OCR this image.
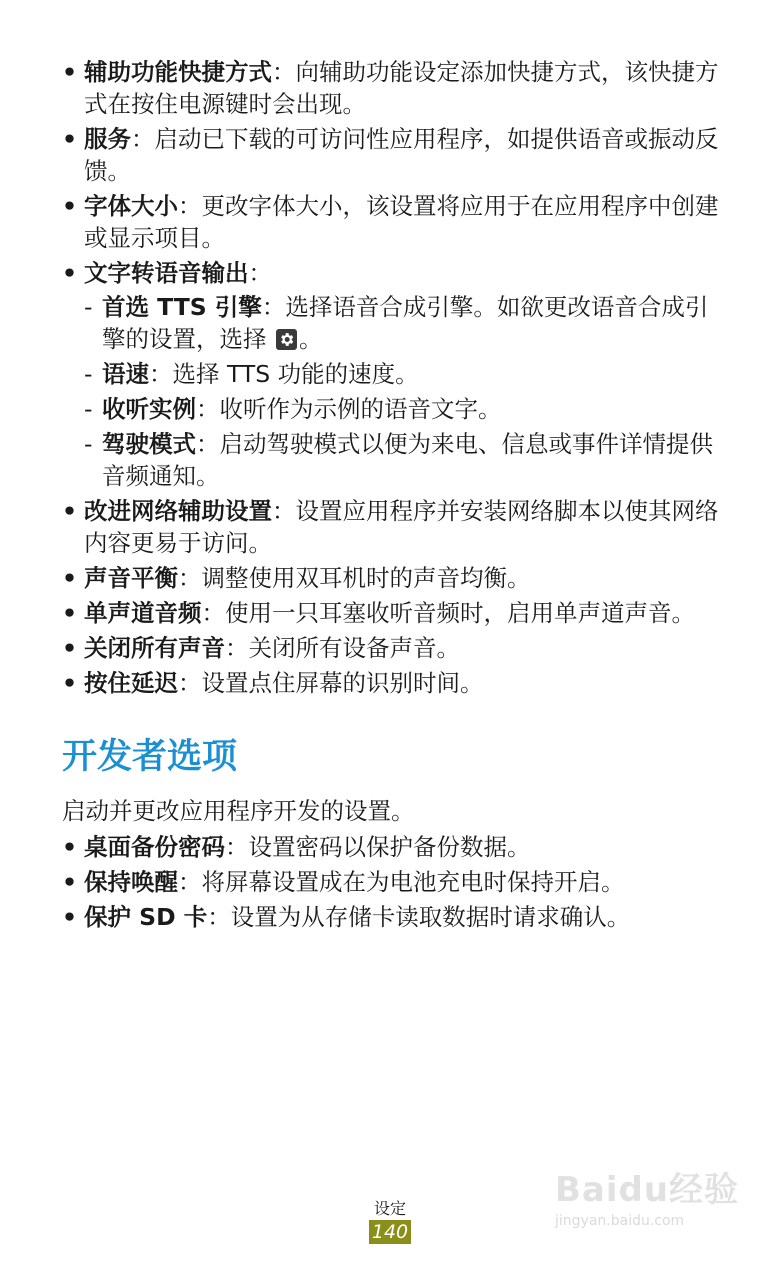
• 辅助功能快捷方式：向辅助功能设定添加快捷方式，该快捷方式在按住电源键时会出现。
• 服务：启动已下载的可访问性应用程序，如提供语音或振动反馈。
• 字体大小：更改字体大小，该设置将应用于在应用程序中创建或显示项目。
• 文字转语音输出：
- 首选 TTS 引擎：选择语音合成引擎。如欲更改语音合成引擎的设置，选择
。
- 语速：选择 TTS 功能的速度。
- 收听实例：收听作为示例的语音文字。
- 驾驶模式：启动驾驶模式以便为来电、信息或事件详情提供音频通知。
• 改进网络辅助设置：设置应用程序并安装网络脚本以使其网络内容更易于访问。
• 声音平衡：调整使用双耳机时的声音均衡。
• 单声道音频：使用一只耳塞收听音频时，启用单声道声音。
• 关闭所有声音：关闭所有设备声音。
• 按住延迟：设置点住屏幕的识别时间。
开发者选项

启动并更改应用程序开发的设置。

• 桌面备份密码：设置密码以保护备份数据。
• 保持唤醒：将屏幕设置成在为电池充电时保持开启。
• 保护 SD 卡：设置为从存储卡读取数据时请求确认。
设定
140
Baidu经验
jingyan.baidu.com
